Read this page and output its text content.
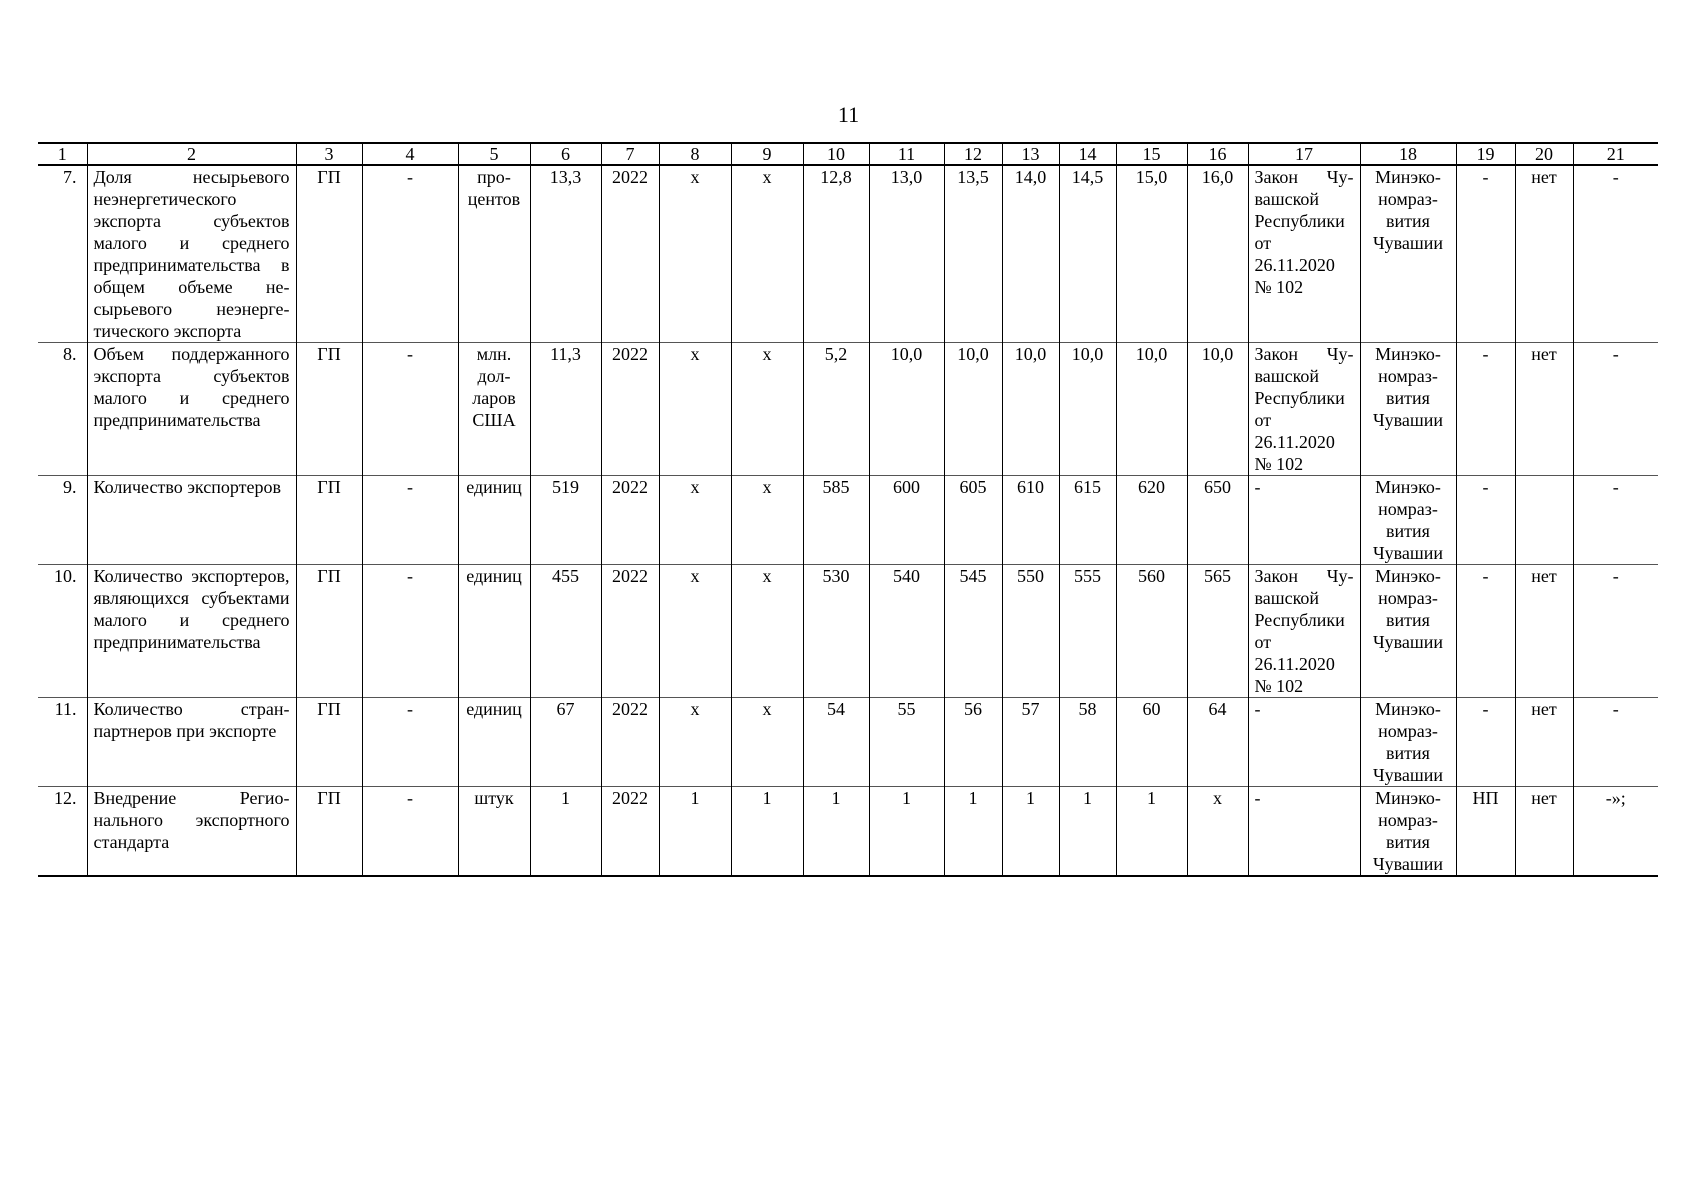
11
1	2	3	4	5	6	7	8	9	10	11	12	13	14	15	16	17	18	19	20	21
7.	Доля несырьевого неэнергетического экспорта субъектов малого и среднего предпринимательства в общем объеме несырьевого неэнергетического экспорта	ГП	-	процентов	13,3	2022	х	х	12,8	13,0	13,5	14,0	14,5	15,0	16,0	Закон Чувашской Республики от 26.11.2020 № 102	Минэкономразвития Чувашии	-	нет	-
8.	Объем поддержанного экспорта субъектов малого и среднего предпринимательства	ГП	-	млн. долларов США	11,3	2022	х	х	5,2	10,0	10,0	10,0	10,0	10,0	10,0	Закон Чувашской Республики от 26.11.2020 № 102	Минэкономразвития Чувашии	-	нет	-
9.	Количество экспортеров	ГП	-	единиц	519	2022	х	х	585	600	605	610	615	620	650	-	Минэкономразвития Чувашии	-		-
10.	Количество экспортеров, являющихся субъектами малого и среднего предпринимательства	ГП	-	единиц	455	2022	х	х	530	540	545	550	555	560	565	Закон Чувашской Республики от 26.11.2020 № 102	Минэкономразвития Чувашии	-	нет	-
11.	Количество стран-партнеров при экспорте	ГП	-	единиц	67	2022	х	х	54	55	56	57	58	60	64	-	Минэкономразвития Чувашии	-	нет	-
12.	Внедрение Регионального экспортного стандарта	ГП	-	штук	1	2022	1	1	1	1	1	1	1	1	х	-	Минэкономразвития Чувашии	НП	нет	-»;
